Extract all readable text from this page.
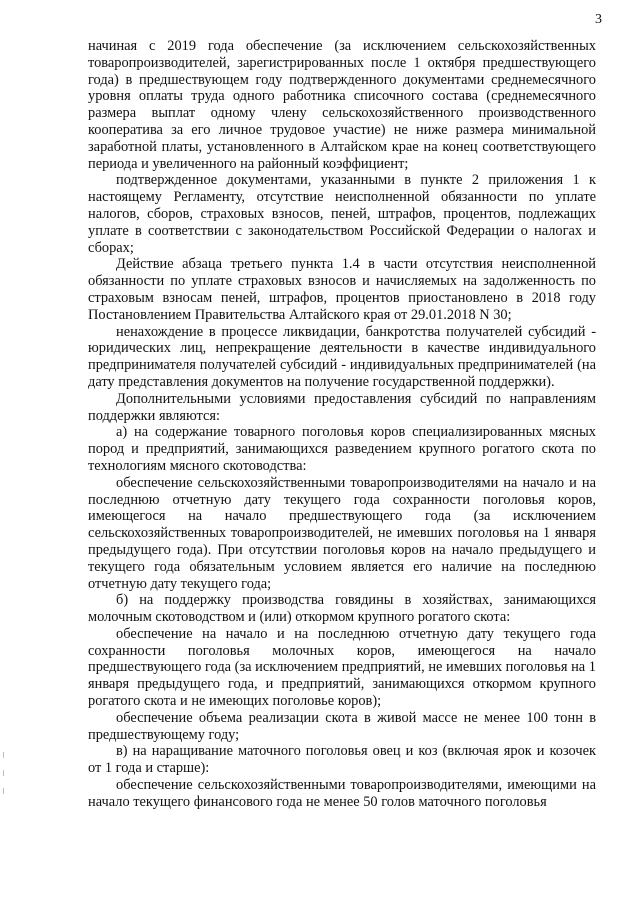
3

начиная с 2019 года обеспечение (за исключением сельскохозяйственных товаропроизводителей, зарегистрированных после 1 октября предшествующего года) в предшествующем году подтвержденного документами среднемесячного уровня оплаты труда одного работника списочного состава (среднемесячного размера выплат одному члену сельскохозяйственного производственного кооператива за его личное трудовое участие) не ниже размера минимальной заработной платы, установленного в Алтайском крае на конец соответствующего периода и увеличенного на районный коэффициент;

подтвержденное документами, указанными в пункте 2 приложения 1 к настоящему Регламенту, отсутствие неисполненной обязанности по уплате налогов, сборов, страховых взносов, пеней, штрафов, процентов, подлежащих уплате в соответствии с законодательством Российской Федерации о налогах и сборах;

Действие абзаца третьего пункта 1.4 в части отсутствия неисполненной обязанности по уплате страховых взносов и начисляемых на задолженность по страховым взносам пеней, штрафов, процентов приостановлено в 2018 году Постановлением Правительства Алтайского края от 29.01.2018 N 30;

ненахождение в процессе ликвидации, банкротства получателей субсидий - юридических лиц, непрекращение деятельности в качестве индивидуального предпринимателя получателей субсидий - индивидуальных предпринимателей (на дату представления документов на получение государственной поддержки).

Дополнительными условиями предоставления субсидий по направлениям поддержки являются:

а) на содержание товарного поголовья коров специализированных мясных пород и предприятий, занимающихся разведением крупного рогатого скота по технологиям мясного скотоводства:

обеспечение сельскохозяйственными товаропроизводителями на начало и на последнюю отчетную дату текущего года сохранности поголовья коров, имеющегося на начало предшествующего года (за исключением сельскохозяйственных товаропроизводителей, не имевших поголовья на 1 января предыдущего года). При отсутствии поголовья коров на начало предыдущего и текущего года обязательным условием является его наличие на последнюю отчетную дату текущего года;

б) на поддержку производства говядины в хозяйствах, занимающихся молочным скотоводством и (или) откормом крупного рогатого скота:

обеспечение на начало и на последнюю отчетную дату текущего года сохранности поголовья молочных коров, имеющегося на начало предшествующего года (за исключением предприятий, не имевших поголовья на 1 января предыдущего года, и предприятий, занимающихся откормом крупного рогатого скота и не имеющих поголовье коров);

обеспечение объема реализации скота в живой массе не менее 100 тонн в предшествующему году;

в) на наращивание маточного поголовья овец и коз (включая ярок и козочек от 1 года и старше):

обеспечение сельскохозяйственными товаропроизводителями, имеющими на начало текущего финансового года не менее 50 голов маточного поголовья
